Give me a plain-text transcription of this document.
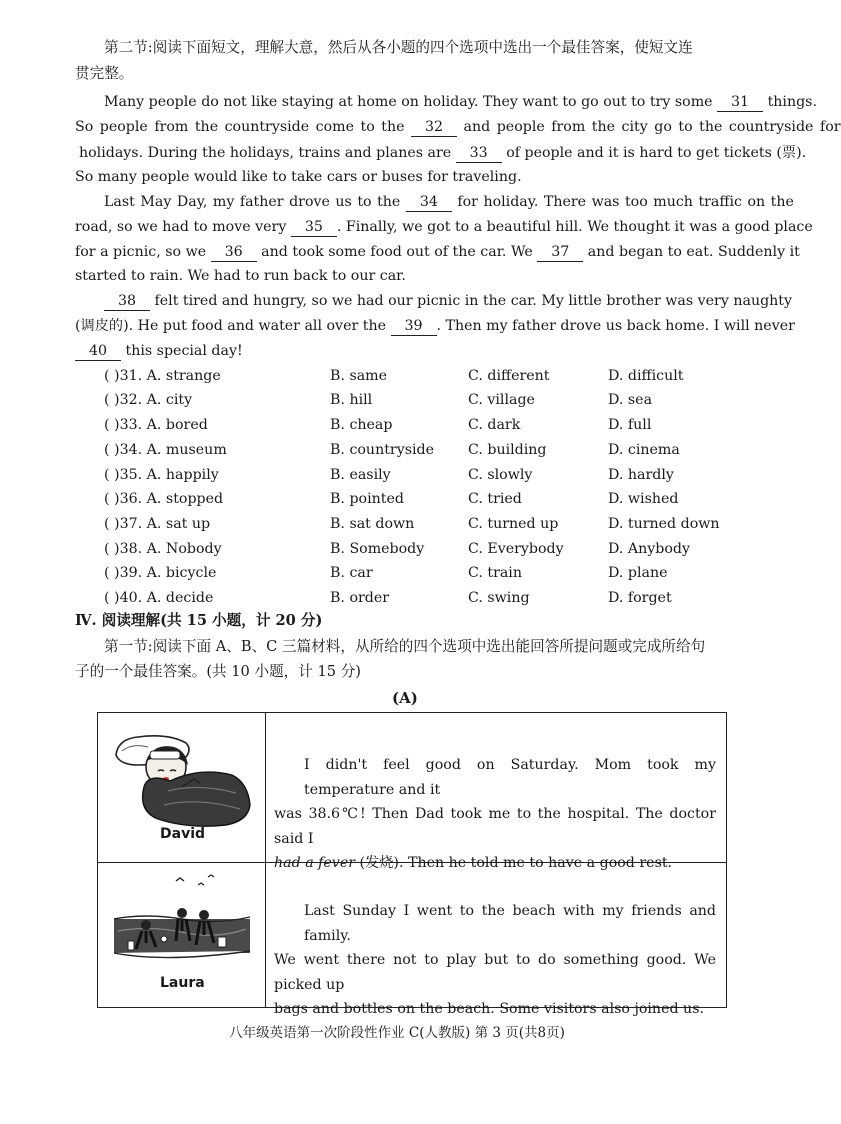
第二节:阅读下面短文，理解大意，然后从各小题的四个选项中选出一个最佳答案，使短文连
贯完整。
Many people do not like staying at home on holiday. They want to go out to try some 31 things.
So people from the countryside come to the 32 and people from the city go to the countryside for
holidays. During the holidays, trains and planes are 33 of people and it is hard to get tickets (票).
So many people would like to take cars or buses for traveling.
Last May Day, my father drove us to the 34 for holiday. There was too much traffic on the
road, so we had to move very 35 . Finally, we got to a beautiful hill. We thought it was a good place
for a picnic, so we 36 and took some food out of the car. We 37 and began to eat. Suddenly it
started to rain. We had to run back to our car.
38 felt tired and hungry, so we had our picnic in the car. My little brother was very naughty
(调皮的). He put food and water all over the 39 . Then my father drove us back home. I will never
40 this special day!
( )31. A. strange	B. same	C. different	D. difficult
( )32. A. city	B. hill	C. village	D. sea
( )33. A. bored	B. cheap	C. dark	D. full
( )34. A. museum	B. countryside C. building	D. cinema
( )35. A. happily	B. easily	C. slowly	D. hardly
( )36. A. stopped	B. pointed	C. tried	D. wished
( )37. A. sat up	B. sat down	C. turned up	D. turned down
( )38. A. Nobody	B. Somebody	C. Everybody	D. Anybody
( )39. A. bicycle	B. car	C. train	D. plane
( )40. A. decide	B. order	C. swing	D. forget
Ⅳ. 阅读理解(共 15 小题，计 20 分)
第一节:阅读下面 A、B、C 三篇材料，从所给的四个选项中选出能回答所提问题或完成所给句
子的一个最佳答案。(共 10 小题，计 15 分)
(A)
David
I didn't feel good on Saturday. Mom took my temperature and it
was 38.6℃! Then Dad took me to the hospital. The doctor said I
had a fever (发烧). Then he told me to have a good rest.
Laura
Last Sunday I went to the beach with my friends and family.
We went there not to play but to do something good. We picked up
bags and bottles on the beach. Some visitors also joined us.
八年级英语第一次阶段性作业 C(人教版) 第 3 页(共8页)
